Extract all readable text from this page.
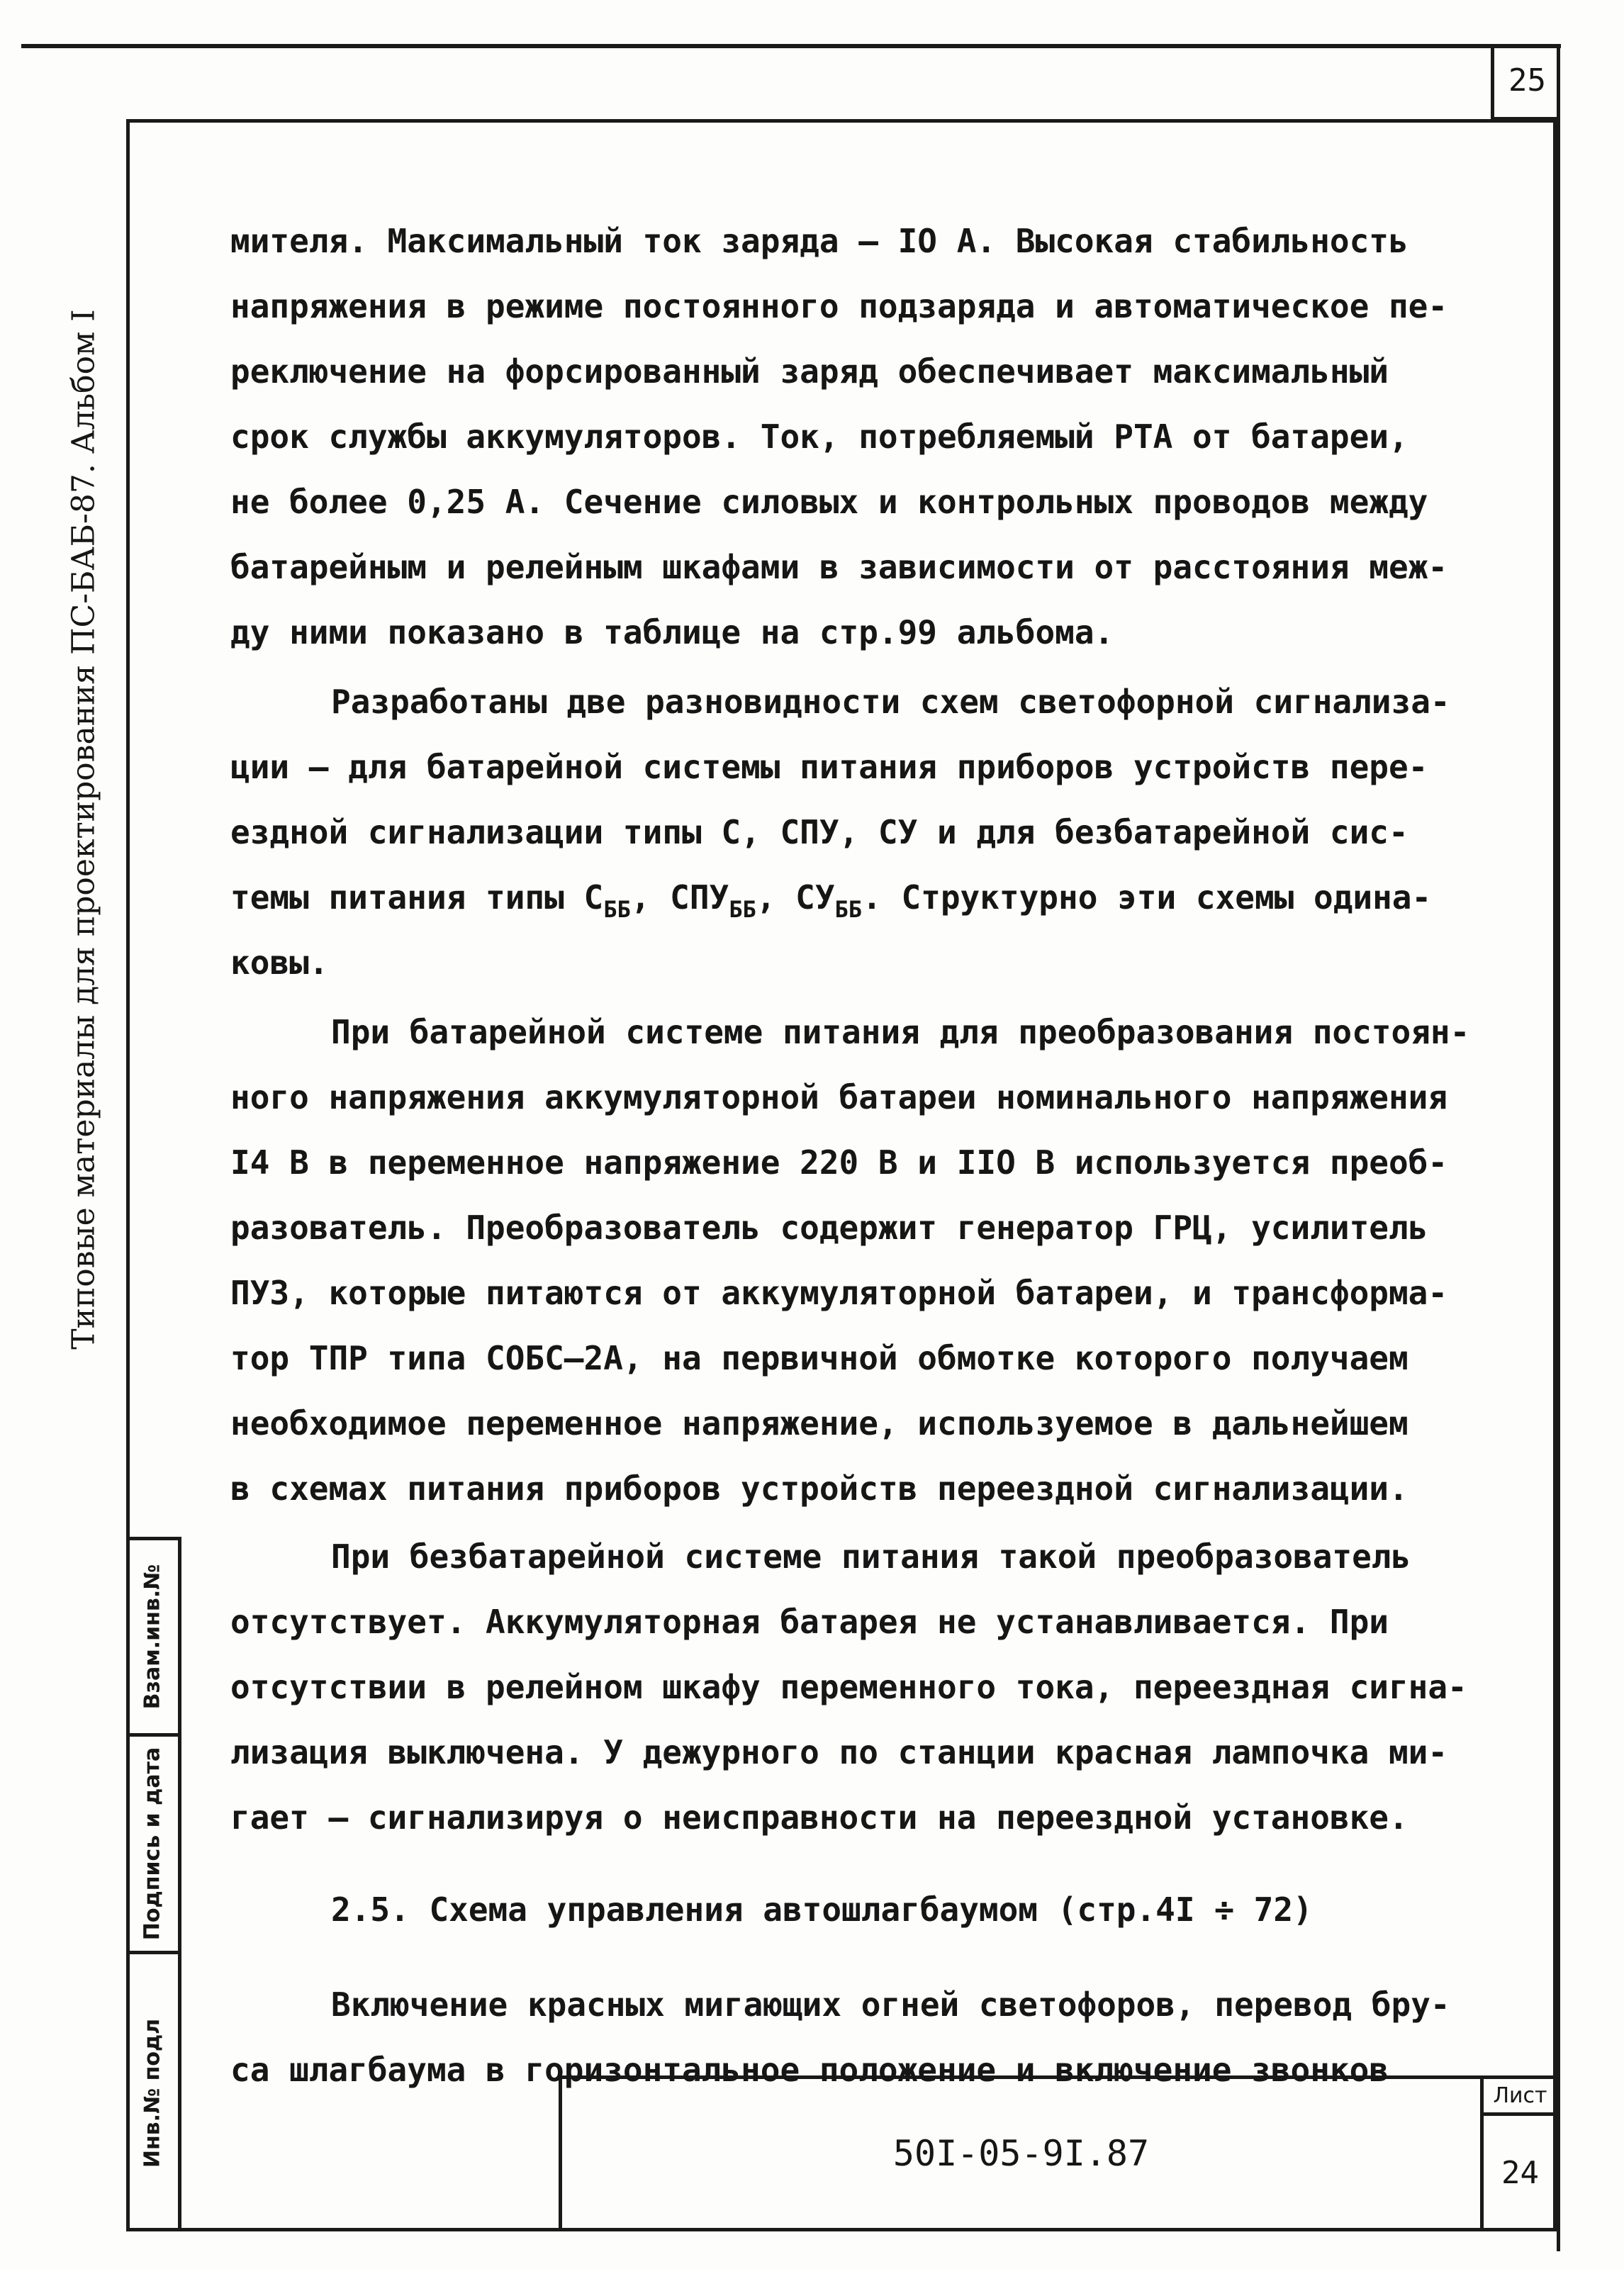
25
Типовые материалы для проектирования ПС-БАБ-87. Альбом I
Взам.инв.№
Подпись и дата
Инв.№ подл	50I-05-9I.87
Лист
24
мителя. Максимальный ток заряда – IO А. Высокая стабильность
напряжения в режиме постоянного подзаряда и автоматическое пе-
реключение на форсированный заряд обеспечивает максимальный
срок службы аккумуляторов. Ток, потребляемый РТА от батареи,
не более 0,25 А. Сечение силовых и контрольных проводов между
батарейным и релейным шкафами в зависимости от расстояния меж-
ду ними показано в таблице на стр.99 альбома.
Разработаны две разновидности схем светофорной сигнализа-
ции – для батарейной системы питания приборов устройств пере-
ездной сигнализации типы С, СПУ, СУ и для безбатарейной сис-
темы питания типы $С_{ББ}$, $СПУ_{ББ}$, $СУ_{ББ}$. Структурно эти схемы одина-
ковы.
При батарейной системе питания для преобразования постоян-
ного напряжения аккумуляторной батареи номинального напряжения
I4 В в переменное напряжение 220 В и IIO В используется преоб-
разователь. Преобразователь содержит генератор ГРЦ, усилитель
ПУЗ, которые питаются от аккумуляторной батареи, и трансформа-
тор ТПР типа СОБС–2А, на первичной обмотке которого получаем
необходимое переменное напряжение, используемое в дальнейшем
в схемах питания приборов устройств переездной сигнализации.
При безбатарейной системе питания такой преобразователь
отсутствует. Аккумуляторная батарея не устанавливается. При
отсутствии в релейном шкафу переменного тока, переездная сигна-
лизация выключена. У дежурного по станции красная лампочка ми-
гает – сигнализируя о неисправности на переездной установке.
2.5. Схема управления автошлагбаумом (стр.4I ÷ 72)
Включение красных мигающих огней светофоров, перевод бру-
са шлагбаума в горизонтальное положение и включение звонков
